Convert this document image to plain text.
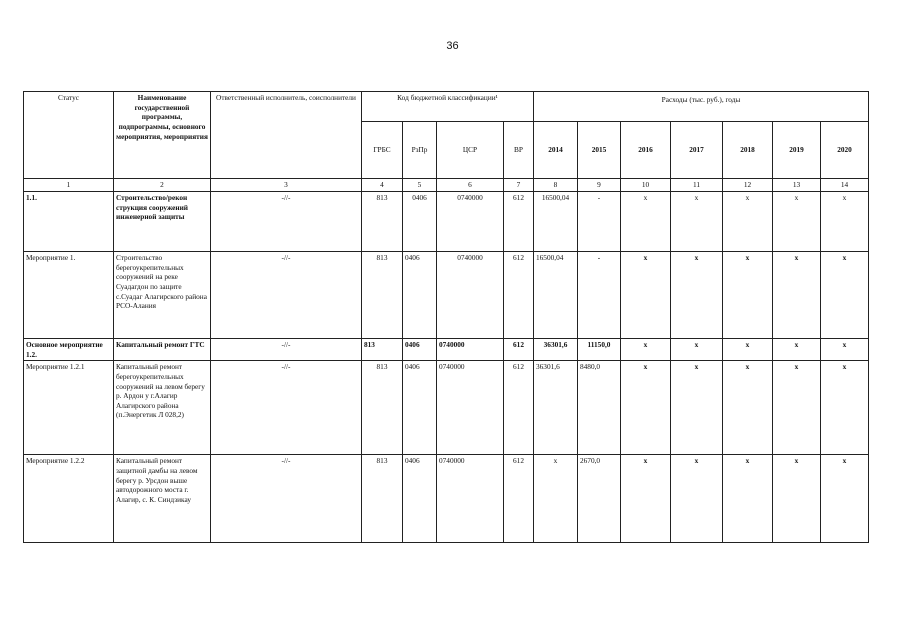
36
Статус	Наименование государственной программы, подпрограммы, основного мероприятия, мероприятия	Ответственный исполнитель, соисполнители	Код бюджетной классификации¹				Расходы (тыс. руб.), годы						
			ГРБС	РзПр	ЦСР	ВР	2014	2015	2016	2017	2018	2019	2020
1	2	3	4	5	6	7	8	9	10	11	12	13	14
1.1.	Строительство/рекон струкция сооружений инженерной защиты	-//-	813	0406	0740000	612	16500,04	-	x	x	x	x	x
Мероприятие 1.	Строительство берегоукрепительных сооружений на реке Суадагдон по защите с.Суадаг Алагирского района РСО-Алания	-//-	813	0406	0740000	612	16500,04	-	x	x	x	x	x
Основное мероприятие 1.2.	Капитальный ремонт ГТС	-//-	813	0406	0740000	612	36301,6	11150,0	x	x	x	x	x
Мероприятие 1.2.1	Капитальный ремонт берегоукрепительных сооружений на левом берегу р. Ардон у г.Алагир Алагирского района (п.Энергетик Л 028,2)	-//-	813	0406	0740000	612	36301,6	8480,0	x	x	x	x	x
Мероприятие 1.2.2	Капитальный ремонт защитной дамбы на левом берегу р. Урсдон выше автодорожного моста г. Алагир, с. К. Синдзикау	-//-	813	0406	0740000	612	x	2670,0	x	x	x	x	x
